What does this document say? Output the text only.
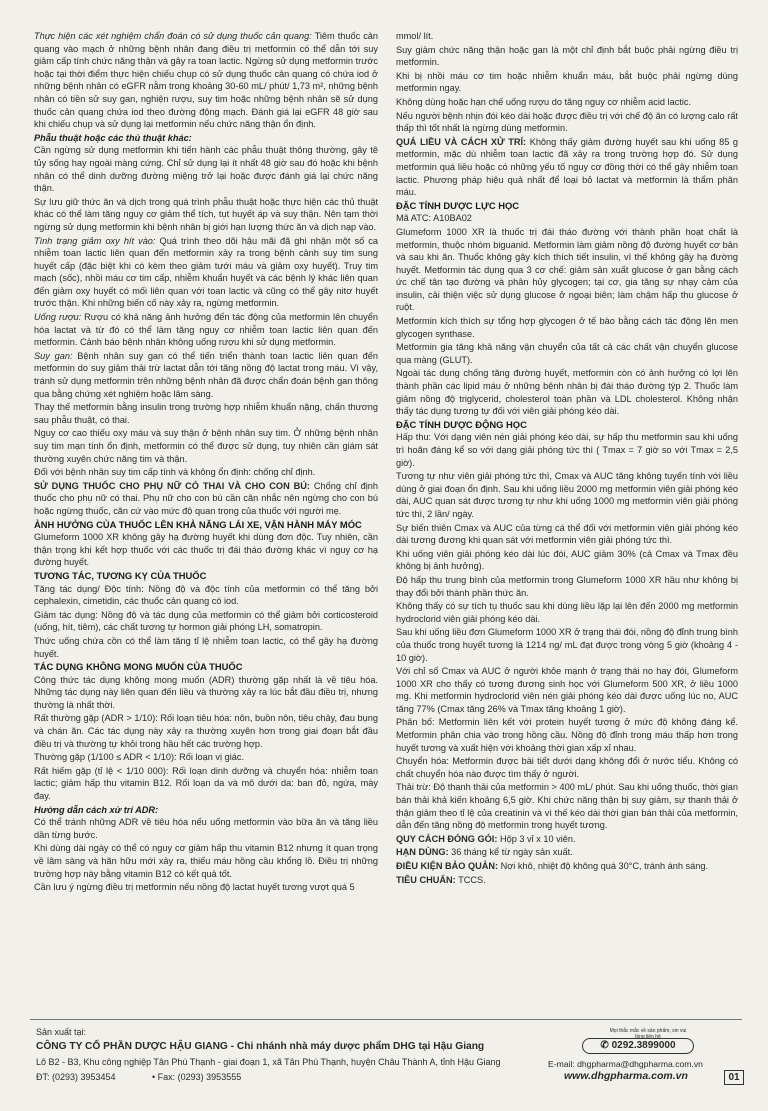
Thực hiện các xét nghiệm chẩn đoán có sử dụng thuốc cản quang: Tiêm thuốc cản quang vào mạch ở những bệnh nhân đang điều trị metformin có thể dẫn tới suy giảm cấp tính chức năng thận và gây ra toan lactic. Ngừng sử dụng metformin trước hoặc tại thời điểm thực hiện chiếu chụp có sử dụng thuốc cản quang có chứa iod ở những bệnh nhân có eGFR nằm trong khoảng 30-60 mL/ phút/ 1,73 m², những bệnh nhân có tiền sử suy gan, nghiện rượu, suy tim hoặc những bệnh nhân sẽ sử dụng thuốc cản quang chứa iod theo đường động mạch. Đánh giá lại eGFR 48 giờ sau khi chiếu chụp và sử dụng lại metformin nếu chức năng thận ổn định.

Phẫu thuật hoặc các thủ thuật khác:

Cần ngừng sử dụng metformin khi tiến hành các phẫu thuật thông thường, gây tê tủy sống hay ngoài màng cứng. Chỉ sử dụng lại ít nhất 48 giờ sau đó hoặc khi bệnh nhân có thể dinh dưỡng đường miệng trở lại hoặc được đánh giá lại chức năng thận.

Sự lưu giữ thức ăn và dịch trong quá trình phẫu thuật hoặc thực hiện các thủ thuật khác có thể làm tăng nguy cơ giảm thể tích, tụt huyết áp và suy thận. Nên tạm thời ngừng sử dụng metformin khi bệnh nhân bị giới hạn lượng thức ăn và dịch nạp vào.

Tình trạng giảm oxy hít vào: Quá trình theo dõi hậu mãi đã ghi nhận một số ca nhiễm toan lactic liên quan đến metformin xảy ra trong bệnh cảnh suy tim sung huyết cấp (đặc biệt khi có kèm theo giảm tưới máu và giảm oxy huyết). Truy tim mạch (sốc), nhồi máu cơ tim cấp, nhiễm khuẩn huyết và các bệnh lý khác liên quan đến giảm oxy huyết có mối liên quan với toan lactic và cũng có thể gây nitơ huyết trước thận. Khi những biến cố này xảy ra, ngừng metformin.

Uống rượu: Rượu có khả năng ảnh hưởng đến tác động của metformin lên chuyển hóa lactat và từ đó có thể làm tăng nguy cơ nhiễm toan lactic liên quan đến metformin. Cảnh báo bệnh nhân không uống rượu khi sử dụng metformin.

Suy gan: Bệnh nhân suy gan có thể tiến triển thành toan lactic liên quan đến metformin do suy giảm thải trừ lactat dẫn tới tăng nồng độ lactat trong máu. Vì vậy, tránh sử dụng metformin trên những bệnh nhân đã được chẩn đoán bệnh gan thông qua bằng chứng xét nghiệm hoặc lâm sàng.

Thay thế metformin bằng insulin trong trường hợp nhiễm khuẩn nặng, chấn thương sau phẫu thuật, có thai.

Nguy cơ cao thiếu oxy máu và suy thận ở bệnh nhân suy tim. Ở những bệnh nhân suy tim mạn tính ổn định, metformin có thể được sử dụng, tuy nhiên cần giám sát thường xuyên chức năng tim và thận.

Đối với bệnh nhân suy tim cấp tính và không ổn định: chống chỉ định.

SỬ DỤNG THUỐC CHO PHỤ NỮ CÓ THAI VÀ CHO CON BÚ: Chống chỉ định thuốc cho phụ nữ có thai. Phụ nữ cho con bú cần cân nhắc nên ngừng cho con bú hoặc ngừng thuốc, căn cứ vào mức độ quan trọng của thuốc với người mẹ.

ẢNH HƯỞNG CỦA THUỐC LÊN KHẢ NĂNG LÁI XE, VẬN HÀNH MÁY MÓC

Glumeform 1000 XR không gây hạ đường huyết khi dùng đơn độc. Tuy nhiên, cần thận trọng khi kết hợp thuốc với các thuốc trị đái tháo đường khác vì nguy cơ hạ đường huyết.

TƯƠNG TÁC, TƯƠNG KỴ CỦA THUỐC

Tăng tác dụng/ Độc tính: Nồng độ và độc tính của metformin có thể tăng bởi cephalexin, cimetidin, các thuốc cản quang có iod.

Giảm tác dụng: Nồng độ và tác dụng của metformin có thể giảm bởi corticosteroid (uống, hít, tiêm), các chất tương tự hormon giải phóng LH, somatropin.

Thức uống chứa cồn có thể làm tăng tỉ lệ nhiễm toan lactic, có thể gây hạ đường huyết.

TÁC DỤNG KHÔNG MONG MUỐN CỦA THUỐC

Công thức tác dụng không mong muốn (ADR) thường gặp nhất là về tiêu hóa. Những tác dụng này liên quan đến liều và thường xảy ra lúc bắt đầu điều trị, nhưng thường là nhất thời.

Rất thường gặp (ADR > 1/10): Rối loạn tiêu hóa: nôn, buồn nôn, tiêu chảy, đau bụng và chán ăn. Các tác dụng này xảy ra thường xuyên hơn trong giai đoạn bắt đầu điều trị và thường tự khỏi trong hầu hết các trường hợp.

Thường gặp (1/100 ≤ ADR < 1/10): Rối loạn vị giác.

Rất hiếm gặp (tỉ lệ < 1/10 000): Rối loạn dinh dưỡng và chuyển hóa: nhiễm toan lactic; giảm hấp thu vitamin B12. Rối loạn da và mô dưới da: ban đỏ, ngứa, mày đay.

Hướng dẫn cách xử trí ADR:

Có thể tránh những ADR về tiêu hóa nếu uống metformin vào bữa ăn và tăng liều dần từng bước.

Khi dùng dài ngày có thể có nguy cơ giảm hấp thu vitamin B12 nhưng ít quan trọng về lâm sàng và hãn hữu mới xảy ra, thiếu máu hồng cầu khổng lồ. Điều trị những trường hợp này bằng vitamin B12 có kết quả tốt.

Cần lưu ý ngừng điều trị metformin nếu nồng độ lactat huyết tương vượt quá 5

mmol/ lít.

Suy giảm chức năng thận hoặc gan là một chỉ định bắt buộc phải ngừng điều trị metformin.

Khi bị nhồi máu cơ tim hoặc nhiễm khuẩn máu, bắt buộc phải ngừng dùng metformin ngay.

Không dùng hoặc hạn chế uống rượu do tăng nguy cơ nhiễm acid lactic.

Nếu người bệnh nhịn đói kéo dài hoặc được điều trị với chế độ ăn có lượng calo rất thấp thì tốt nhất là ngừng dùng metformin.

QUÁ LIỀU VÀ CÁCH XỬ TRÍ: Không thấy giảm đường huyết sau khi uống 85 g metformin, mặc dù nhiễm toan lactic đã xảy ra trong trường hợp đó. Sử dụng metformin quá liều hoặc có những yếu tố nguy cơ đồng thời có thể gây nhiễm toan lactic. Phương pháp hiệu quả nhất để loại bỏ lactat và metformin là thẩm phân máu.

ĐẶC TÍNH DƯỢC LỰC HỌC

Mã ATC: A10BA02

Glumeform 1000 XR là thuốc trị đái tháo đường với thành phần hoạt chất là metformin, thuộc nhóm biguanid. Metformin làm giảm nồng độ đường huyết cơ bản và sau khi ăn. Thuốc không gây kích thích tiết insulin, vì thế không gây hạ đường huyết. Metformin tác dụng qua 3 cơ chế: giảm sản xuất glucose ở gan bằng cách ức chế tân tạo đường và phân hủy glycogen; tại cơ, gia tăng sự nhạy cảm của insulin, cải thiện việc sử dụng glucose ở ngoại biên; làm chậm hấp thu glucose ở ruột.

Metformin kích thích sự tổng hợp glycogen ở tế bào bằng cách tác động lên men glycogen synthase.

Metformin gia tăng khả năng vận chuyển của tất cả các chất vận chuyển glucose qua màng (GLUT).

Ngoài tác dụng chống tăng đường huyết, metformin còn có ảnh hưởng có lợi lên thành phần các lipid máu ở những bệnh nhân bị đái tháo đường týp 2. Thuốc làm giảm nồng độ triglycerid, cholesterol toàn phần và LDL cholesterol. Không nhận thấy tác dụng tương tự đối với viên giải phóng kéo dài.

ĐẶC TÍNH DƯỢC ĐỘNG HỌC

Hấp thu: Với dạng viên nén giải phóng kéo dài, sự hấp thu metformin sau khi uống trì hoãn đáng kể so với dạng giải phóng tức thì ( Tmax = 7 giờ so với Tmax = 2,5 giờ).

Tương tự như viên giải phóng tức thì, Cmax và AUC tăng không tuyến tính với liều dùng ở giai đoạn ổn định. Sau khi uống liều 2000 mg metformin viên giải phóng kéo dài, AUC quan sát được tương tự như khi uống 1000 mg metformin viên giải phóng tức thì, 2 lần/ ngày.

Sự biến thiên Cmax và AUC của từng cá thể đối với metformin viên giải phóng kéo dài tương đương khi quan sát với metformin viên giải phóng tức thì.

Khi uống viên giải phóng kéo dài lúc đói, AUC giảm 30% (cả Cmax và Tmax đều không bị ảnh hưởng).

Độ hấp thu trung bình của metformin trong Glumeform 1000 XR hầu như không bị thay đổi bởi thành phần thức ăn.

Không thấy có sự tích tụ thuốc sau khi dùng liều lặp lại lên đến 2000 mg metformin hydroclorid viên giải phóng kéo dài.

Sau khi uống liều đơn Glumeform 1000 XR ở trạng thái đói, nồng độ đỉnh trung bình của thuốc trong huyết tương là 1214 ng/ mL đạt được trong vòng 5 giờ (khoảng 4 - 10 giờ).

Với chỉ số Cmax và AUC ở người khỏe mạnh ở trạng thái no hay đói, Glumeform 1000 XR cho thấy có tương đương sinh học với Glumeform 500 XR, ở liều 1000 mg. Khi metformin hydroclorid viên nén giải phóng kéo dài được uống lúc no, AUC tăng 77% (Cmax tăng 26% và Tmax tăng khoảng 1 giờ).

Phân bố: Metformin liên kết với protein huyết tương ở mức độ không đáng kể. Metformin phân chia vào trong hồng cầu. Nồng độ đỉnh trong máu thấp hơn trong huyết tương và xuất hiện với khoảng thời gian xấp xỉ nhau.

Chuyển hóa: Metformin được bài tiết dưới dạng không đổi ở nước tiểu. Không có chất chuyển hóa nào được tìm thấy ở người.

Thải trừ: Độ thanh thải của metformin > 400 mL/ phút. Sau khi uống thuốc, thời gian bán thải khả kiến khoảng 6,5 giờ. Khi chức năng thận bị suy giảm, sự thanh thải ở thận giảm theo tỉ lệ của creatinin và vì thế kéo dài thời gian bán thải của metformin, dẫn đến tăng nồng độ metformin trong huyết tương.

QUY CÁCH ĐÓNG GÓI: Hộp 3 vỉ x 10 viên.

HẠN DÙNG: 36 tháng kể từ ngày sản xuất.

ĐIỀU KIỆN BẢO QUẢN: Nơi khô, nhiệt độ không quá 30°C, tránh ánh sáng.

TIÊU CHUẨN: TCCS.

Sản xuất tại:
CÔNG TY CỔ PHẦN DƯỢC HẬU GIANG - Chi nhánh nhà máy dược phẩm DHG tại Hậu Giang
Lô B2 - B3, Khu công nghiệp Tân Phú Thạnh - giai đoạn 1, xã Tân Phú Thạnh, huyện Châu Thành A, tỉnh Hậu Giang
ĐT: (0293) 3953454	• Fax: (0293) 3953555
Mọi thắc mắc về sản phẩm, xin vui lòng liên hệ
✆ 0292.3899000
E-mail: dhgpharma@dhgpharma.com.vn
www.dhgpharma.com.vn	01
